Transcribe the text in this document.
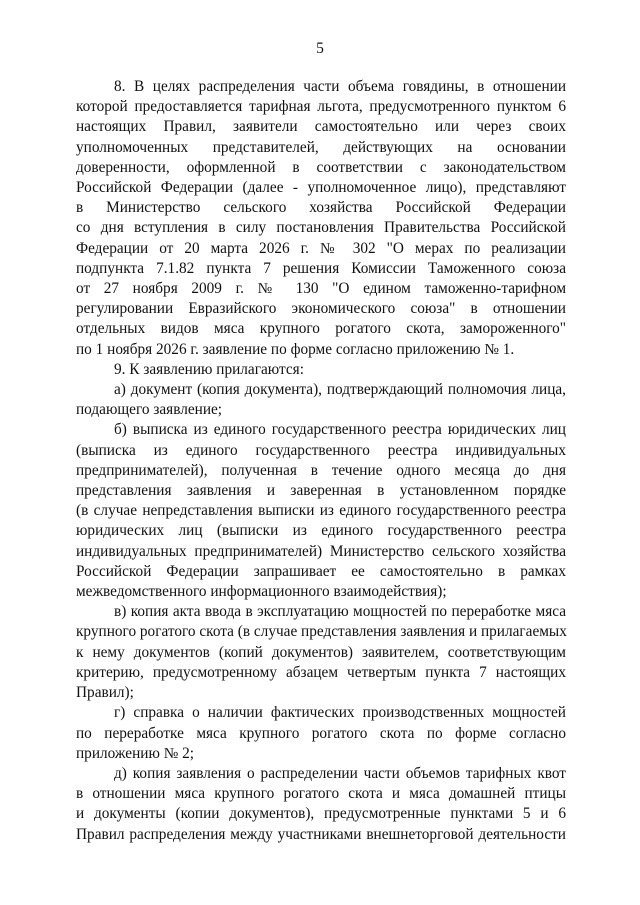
5
8. В целях распределения части объема говядины, в отношении
которой предоставляется тарифная льгота, предусмотренного пунктом 6
настоящих Правил, заявители самостоятельно или через своих
уполномоченных представителей, действующих на основании
доверенности, оформленной в соответствии с законодательством
Российской Федерации (далее - уполномоченное лицо), представляют
в Министерство сельского хозяйства Российской Федерации
со дня вступления в силу постановления Правительства Российской
Федерации от 20 марта 2026 г. № 302 "О мерах по реализации
подпункта 7.1.82 пункта 7 решения Комиссии Таможенного союза
от 27 ноября 2009 г. № 130 "О едином таможенно-тарифном
регулировании Евразийского экономического союза" в отношении
отдельных видов мяса крупного рогатого скота, замороженного"
по 1 ноября 2026 г. заявление по форме согласно приложению № 1.
9. К заявлению прилагаются:
а) документ (копия документа), подтверждающий полномочия лица,
подающего заявление;
б) выписка из единого государственного реестра юридических лиц
(выписка из единого государственного реестра индивидуальных
предпринимателей), полученная в течение одного месяца до дня
представления заявления и заверенная в установленном порядке
(в случае непредставления выписки из единого государственного реестра
юридических лиц (выписки из единого государственного реестра
индивидуальных предпринимателей) Министерство сельского хозяйства
Российской Федерации запрашивает ее самостоятельно в рамках
межведомственного информационного взаимодействия);
в) копия акта ввода в эксплуатацию мощностей по переработке мяса
крупного рогатого скота (в случае представления заявления и прилагаемых
к нему документов (копий документов) заявителем, соответствующим
критерию, предусмотренному абзацем четвертым пункта 7 настоящих
Правил);
г) справка о наличии фактических производственных мощностей
по переработке мяса крупного рогатого скота по форме согласно
приложению № 2;
д) копия заявления о распределении части объемов тарифных квот
в отношении мяса крупного рогатого скота и мяса домашней птицы
и документы (копии документов), предусмотренные пунктами 5 и 6
Правил распределения между участниками внешнеторговой деятельности
